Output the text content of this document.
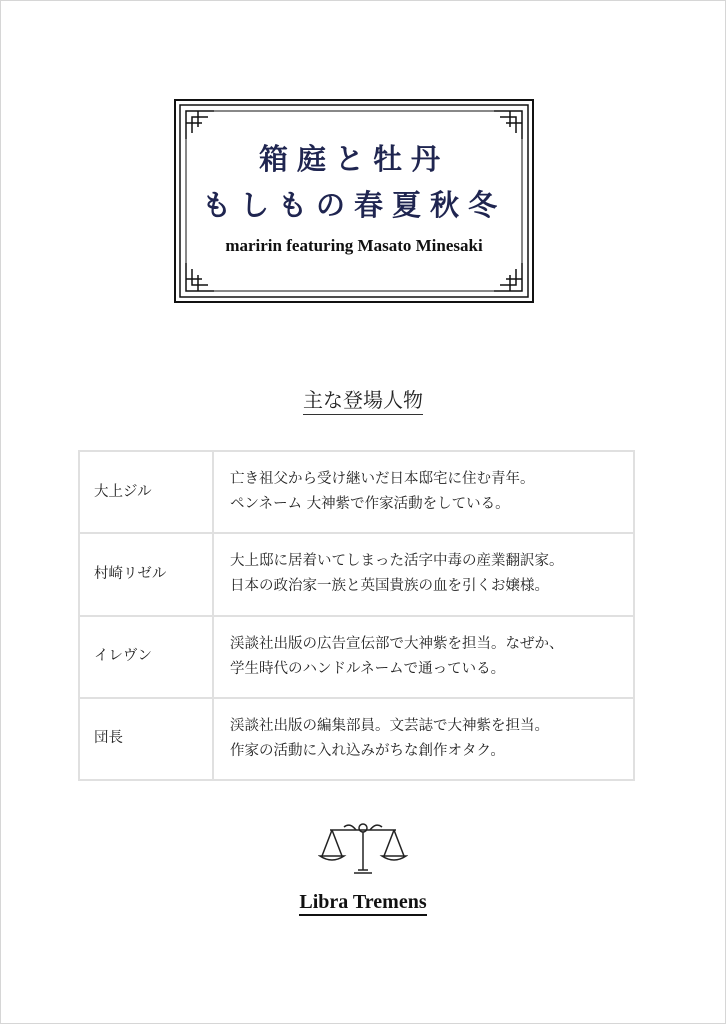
箱庭と牡丹
もしもの春夏秋冬
maririn featuring Masato Minesaki
主な登場人物
大上ジル	亡き祖父から受け継いだ日本邸宅に住む青年。
ペンネーム 大神紫で作家活動をしている。

村崎リゼル	大上邸に居着いてしまった活字中毒の産業翻訳家。
日本の政治家一族と英国貴族の血を引くお嬢様。

イレヴン	渓談社出版の広告宣伝部で大神紫を担当。なぜか、
学生時代のハンドルネームで通っている。

団長	渓談社出版の編集部員。文芸誌で大神紫を担当。
作家の活動に入れ込みがちな創作オタク。
Libra Tremens
